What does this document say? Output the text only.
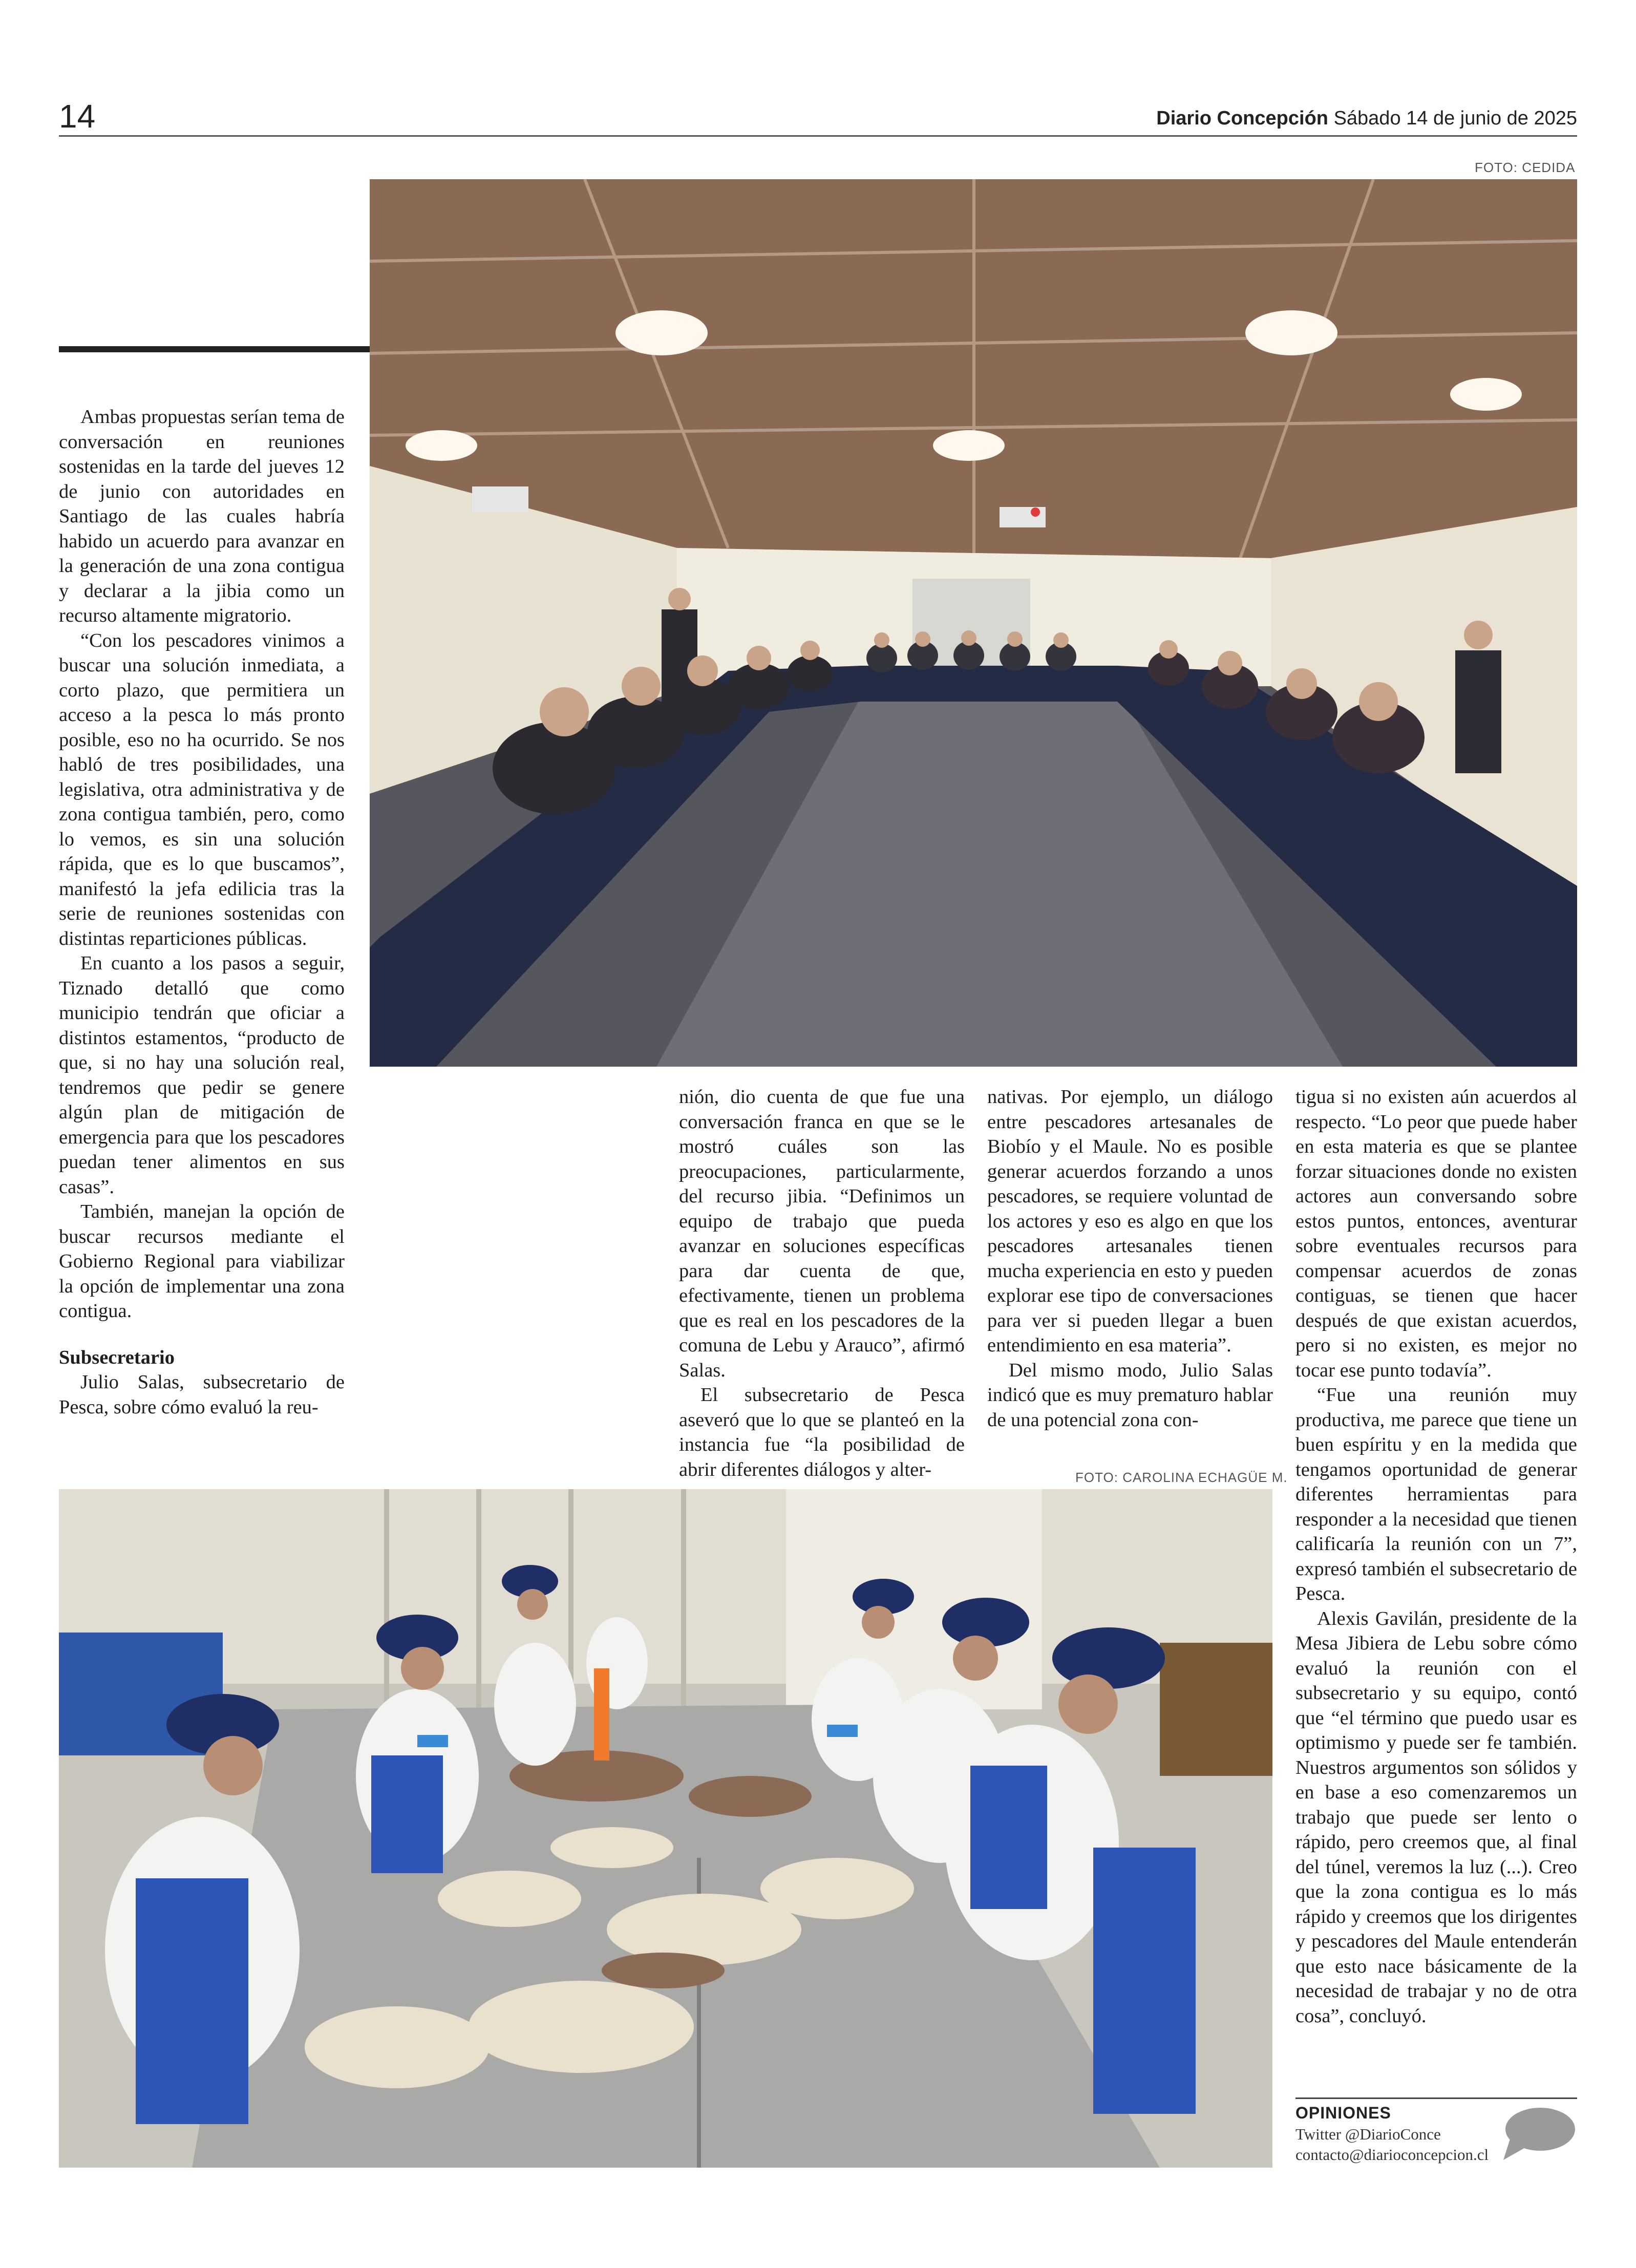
14	Diario Concepción Sábado 14 de junio de 2025
FOTO: CEDIDA

Ambas propuestas serían tema de conversación en reuniones sostenidas en la tarde del jueves 12 de junio con autoridades en Santiago de las cuales habría habido un acuerdo para avanzar en la generación de una zona contigua y declarar a la jibia como un recurso altamente migratorio.

“Con los pescadores vinimos a buscar una solución inmediata, a corto plazo, que permitiera un acceso a la pesca lo más pronto posible, eso no ha ocurrido. Se nos habló de tres posibilidades, una legislativa, otra administrativa y de zona contigua también, pero, como lo vemos, es sin una solución rápida, que es lo que buscamos”, manifestó la jefa edilicia tras la serie de reuniones sostenidas con distintas reparticiones públicas.

En cuanto a los pasos a seguir, Tiznado detalló que como municipio tendrán que oficiar a distintos estamentos, “producto de que, si no hay una solución real, tendremos que pedir se genere algún plan de mitigación de emergencia para que los pescadores puedan tener alimentos en sus casas”.

También, manejan la opción de buscar recursos mediante el Gobierno Regional para viabilizar la opción de implementar una zona contigua.

Subsecretario

Julio Salas, subsecretario de Pesca, sobre cómo evaluó la reu-

nión, dio cuenta de que fue una conversación franca en que se le mostró cuáles son las preocupaciones, particularmente, del recurso jibia. “Definimos un equipo de trabajo que pueda avanzar en soluciones específicas para dar cuenta de que, efectivamente, tienen un problema que es real en los pescadores de la comuna de Lebu y Arauco”, afirmó Salas.

El subsecretario de Pesca aseveró que lo que se planteó en la instancia fue “la posibilidad de abrir diferentes diálogos y alter-

nativas. Por ejemplo, un diálogo entre pescadores artesanales de Biobío y el Maule. No es posible generar acuerdos forzando a unos pescadores, se requiere voluntad de los actores y eso es algo en que los pescadores artesanales tienen mucha experiencia en esto y pueden explorar ese tipo de conversaciones para ver si pueden llegar a buen entendimiento en esa materia”.

Del mismo modo, Julio Salas indicó que es muy prematuro hablar de una potencial zona con-

tigua si no existen aún acuerdos al respecto. “Lo peor que puede haber en esta materia es que se plantee forzar situaciones donde no existen actores aun conversando sobre estos puntos, entonces, aventurar sobre eventuales recursos para compensar acuerdos de zonas contiguas, se tienen que hacer después de que existan acuerdos, pero si no existen, es mejor no tocar ese punto todavía”.

“Fue una reunión muy productiva, me parece que tiene un buen espíritu y en la medida que tengamos oportunidad de generar diferentes herramientas para responder a la necesidad que tienen calificaría la reunión con un 7”, expresó también el subsecretario de Pesca.

Alexis Gavilán, presidente de la Mesa Jibiera de Lebu sobre cómo evaluó la reunión con el subsecretario y su equipo, contó que “el término que puedo usar es optimismo y puede ser fe también. Nuestros argumentos son sólidos y en base a eso comenzaremos un trabajo que puede ser lento o rápido, pero creemos que, al final del túnel, veremos la luz (...). Creo que la zona contigua es lo más rápido y creemos que los dirigentes y pescadores del Maule entenderán que esto nace básicamente de la necesidad de trabajar y no de otra cosa”, concluyó.

FOTO: CAROLINA ECHAGÜE M.
OPINIONES
Twitter @DiarioConce
contacto@diarioconcepcion.cl
